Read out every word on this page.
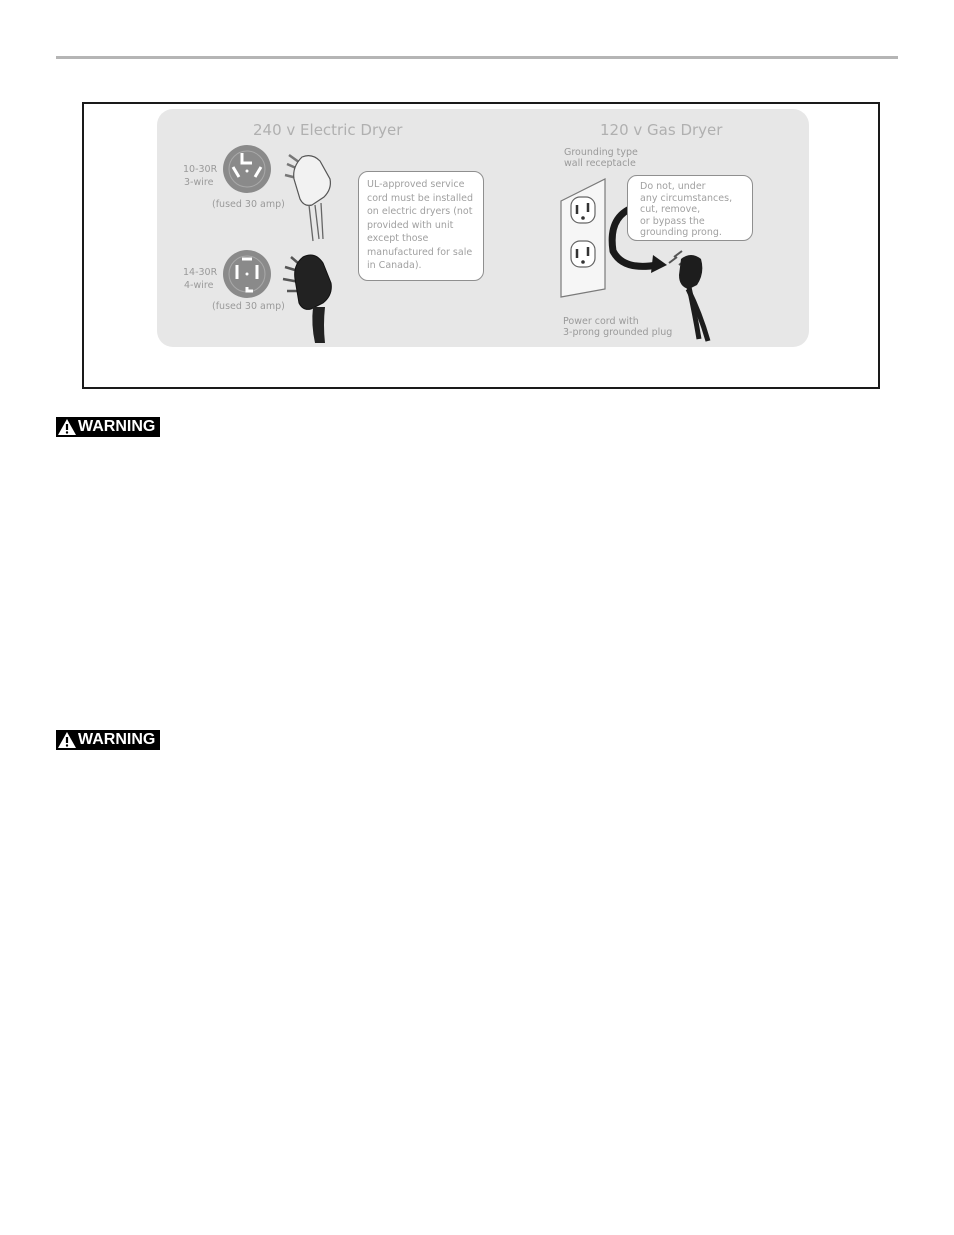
240 v Electric Dryer
10-30R
3-wire
(fused 30 amp)
14-30R
4-wire
(fused 30 amp)
UL-approved service
cord must be installed
on electric dryers (not
provided with unit
except those
manufactured for sale
in Canada).
120 v Gas Dryer
Grounding type
wall receptacle
Do not, under
any circumstances,
cut, remove,
or bypass the
grounding prong.
Power cord with
3-prong grounded plug
WARNING
WARNING
